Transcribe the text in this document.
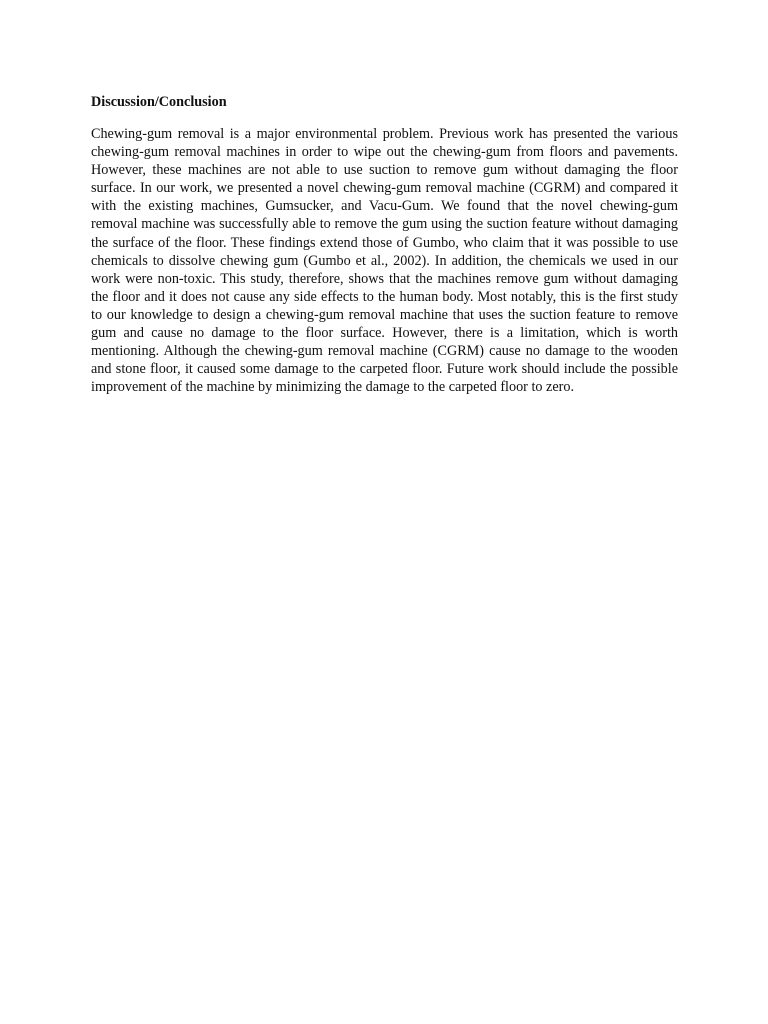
Discussion/Conclusion

Chewing-gum removal is a major environmental problem. Previous work has presented the various chewing-gum removal machines in order to wipe out the chewing-gum from floors and pavements. However, these machines are not able to use suction to remove gum without damaging the floor surface. In our work, we presented a novel chewing-gum removal machine (CGRM) and compared it with the existing machines, Gumsucker, and Vacu-Gum. We found that the novel chewing-gum removal machine was successfully able to remove the gum using the suction feature without damaging the surface of the floor. These findings extend those of Gumbo, who claim that it was possible to use chemicals to dissolve chewing gum (Gumbo et al., 2002). In addition, the chemicals we used in our work were non-toxic. This study, therefore, shows that the machines remove gum without damaging the floor and it does not cause any side effects to the human body. Most notably, this is the first study to our knowledge to design a chewing-gum removal machine that uses the suction feature to remove gum and cause no damage to the floor surface. However, there is a limitation, which is worth mentioning. Although the chewing-gum removal machine (CGRM) cause no damage to the wooden and stone floor, it caused some damage to the carpeted floor. Future work should include the possible improvement of the machine by minimizing the damage to the carpeted floor to zero.
